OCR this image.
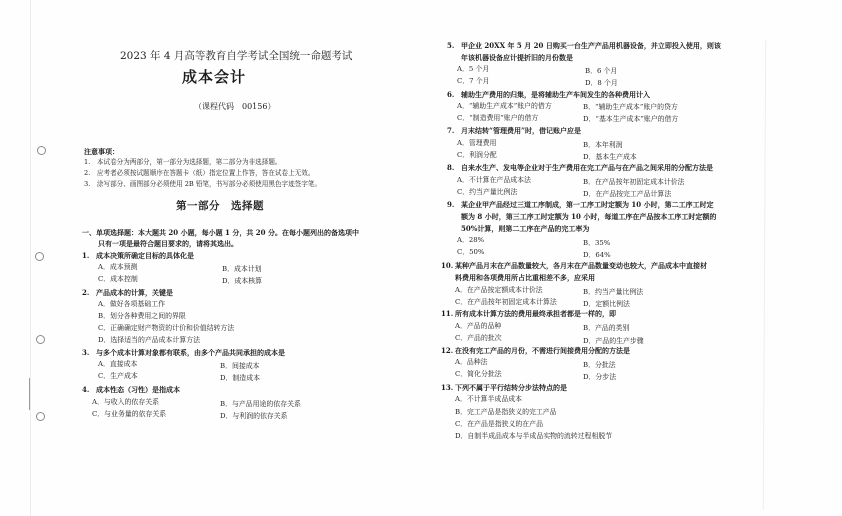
2023 年 4 月高等教育自学考试全国统一命题考试
成本会计
（课程代码　00156）
注意事项：
1.　本试卷分为两部分，第一部分为选择题，第二部分为非选择题。
2.　应考者必须按试题顺序在答题卡（纸）指定位置上作答，答在试卷上无效。
3.　涂写部分、画图部分必须使用 2B 铅笔，书写部分必须使用黑色字迹签字笔。
第一部分　选择题
一、单项选择题：本大题共 20 小题，每小题 1 分，共 20 分。在每小题列出的备选项中
只有一项是最符合题目要求的，请将其选出。
1. 成本决策所确定目标的具体化是
A．成本预测	B．成本计划
C．成本控制	D．成本核算
2. 产品成本的计算，关键是
A．做好各项基础工作
B．划分各种费用之间的界限
C．正确确定财产物资的计价和价值结转方法
D．选择适当的产品成本计算方法
3. 与多个成本计算对象都有联系，由多个产品共同承担的成本是
A．直接成本	B．间接成本
C．生产成本	D．制造成本
4. 成本性态（习性）是指成本
A．与收入的依存关系	B．与产品用途的依存关系
C．与业务量的依存关系	D．与利润的依存关系
5. 甲企业 20XX 年 5 月 20 日购买一台生产产品用机器设备，并立即投入使用，则该
年该机器设备应计提折旧的月份数是
A．5 个月	B．6 个月
C．7 个月	D．8 个月
6. 辅助生产费用的归集，是将辅助生产车间发生的各种费用计入
A．“辅助生产成本”账户的借方	B．“辅助生产成本”账户的贷方
C．“制造费用”账户的借方	D．“基本生产成本”账户的借方
7. 月末结转“管理费用”时，借记账户应是
A．管理费用	B．本年利润
C．利润分配	D．基本生产成本
8. 自来水生产、发电等企业对于生产费用在完工产品与在产品之间采用的分配方法是
A．不计算在产品成本法	B．在产品按年初固定成本计价法
C．约当产量比例法	D．在产品按完工产品计算法
9. 某企业甲产品经过三道工序制成，第一工序工时定额为 10 小时，第二工序工时定
额为 8 小时，第三工序工时定额为 10 小时，每道工序在产品按本工序工时定额的
50%计算，则第二工序在产品的完工率为
A．28%	B．35%
C．50%	D．64%
10. 某种产品月末在产品数量较大，各月末在产品数量变动也较大，产品成本中直接材
料费用和各项费用所占比重相差不多，应采用
A．在产品按定额成本计价法	B．约当产量比例法
C．在产品按年初固定成本计算法	D．定额比例法
11. 所有成本计算方法的费用最终承担者都是一样的，即
A．产品的品种	B．产品的类别
C．产品的批次	D．产品的生产步骤
12. 在没有完工产品的月份，不需进行间接费用分配的方法是
A．品种法	B．分批法
C．简化分批法	D．分步法
13. 下列不属于平行结转分步法特点的是
A．不计算半成品成本
B．完工产品是指狭义的完工产品
C．在产品是指狭义的在产品
D．自制半成品成本与半成品实物的流转过程相脱节
